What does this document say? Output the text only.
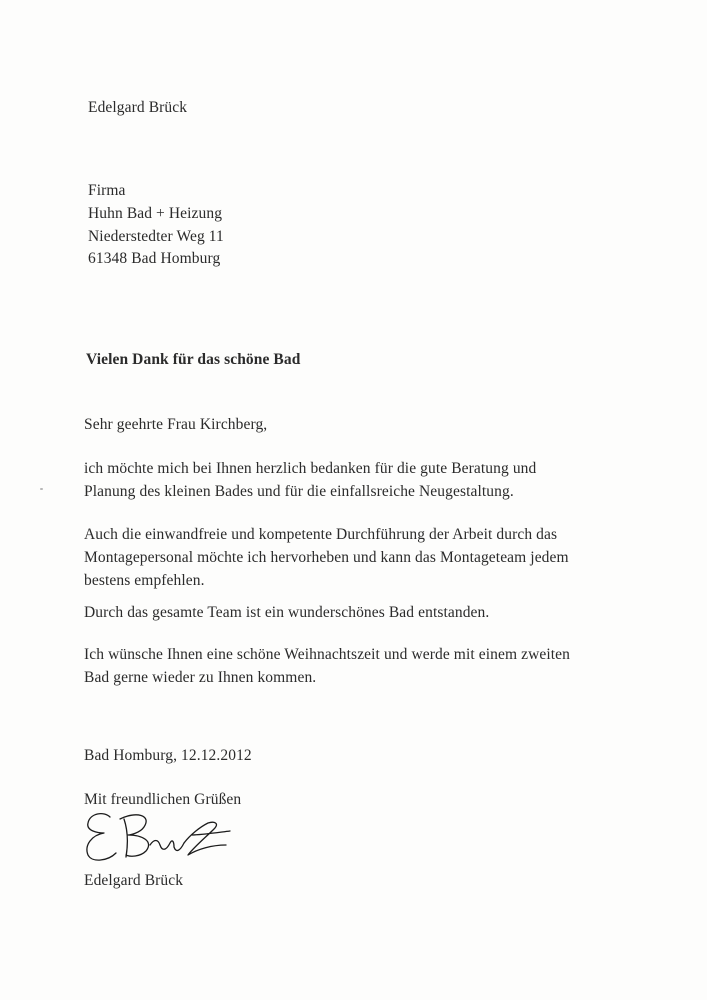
Edelgard Brück
Firma
Huhn Bad + Heizung
Niederstedter Weg 11
61348 Bad Homburg
Vielen Dank für das schöne Bad
Sehr geehrte Frau Kirchberg,
ich möchte mich bei Ihnen herzlich bedanken für die gute Beratung und
Planung des kleinen Bades und für die einfallsreiche Neugestaltung.
Auch die einwandfreie und kompetente Durchführung der Arbeit durch das
Montagepersonal möchte ich hervorheben und kann das Montageteam jedem
bestens empfehlen.
Durch das gesamte Team ist ein wunderschönes Bad entstanden.
Ich wünsche Ihnen eine schöne Weihnachtszeit und werde mit einem zweiten
Bad gerne wieder zu Ihnen kommen.
Bad Homburg, 12.12.2012
Mit freundlichen Grüßen
Edelgard Brück
